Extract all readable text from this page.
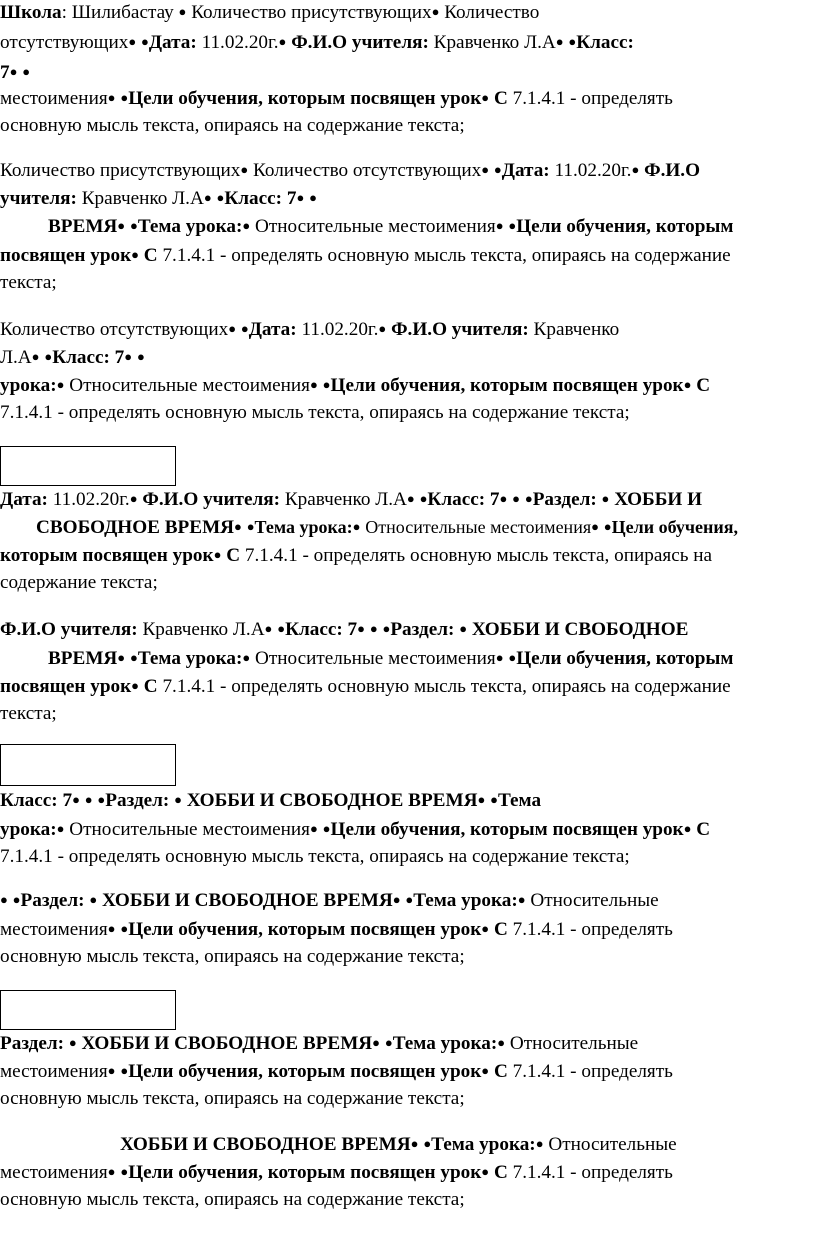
Школа: Шилибастау ● Количество присутствующих● Количество
отсутствующих● ●Дата: 11.02.20г.● Ф.И.О учителя: Кравченко Л.А● ●Класс:
7● ●
местоимения● ●Цели обучения, которым посвящен урок● С 7.1.4.1 - определять
основную мысль текста, опираясь на содержание текста;
Количество присутствующих● Количество отсутствующих● ●Дата: 11.02.20г.● Ф.И.О
учителя: Кравченко Л.А● ●Класс: 7● ●
ВРЕМЯ● ●Тема урока:● Относительные местоимения● ●Цели обучения, которым
посвящен урок● С 7.1.4.1 - определять основную мысль текста, опираясь на содержание
текста;
Количество отсутствующих● ●Дата: 11.02.20г.● Ф.И.О учителя: Кравченко
Л.А● ●Класс: 7● ●
урока:● Относительные местоимения● ●Цели обучения, которым посвящен урок● С
7.1.4.1 - определять основную мысль текста, опираясь на содержание текста;
Дата: 11.02.20г.● Ф.И.О учителя: Кравченко Л.А● ●Класс: 7● ● ●Раздел: ● ХОББИ И
СВОБОДНОЕ ВРЕМЯ● ●Тема урока:● Относительные местоимения● ●Цели обучения,
которым посвящен урок● С 7.1.4.1 - определять основную мысль текста, опираясь на
содержание текста;
Ф.И.О учителя: Кравченко Л.А● ●Класс: 7● ● ●Раздел: ● ХОББИ И СВОБОДНОЕ
ВРЕМЯ● ●Тема урока:● Относительные местоимения● ●Цели обучения, которым
посвящен урок● С 7.1.4.1 - определять основную мысль текста, опираясь на содержание
текста;
Класс: 7● ● ●Раздел: ● ХОББИ И СВОБОДНОЕ ВРЕМЯ● ●Тема
урока:● Относительные местоимения● ●Цели обучения, которым посвящен урок● С
7.1.4.1 - определять основную мысль текста, опираясь на содержание текста;
● ●Раздел: ● ХОББИ И СВОБОДНОЕ ВРЕМЯ● ●Тема урока:● Относительные
местоимения● ●Цели обучения, которым посвящен урок● С 7.1.4.1 - определять
основную мысль текста, опираясь на содержание текста;
Раздел: ● ХОББИ И СВОБОДНОЕ ВРЕМЯ● ●Тема урока:● Относительные
местоимения● ●Цели обучения, которым посвящен урок● С 7.1.4.1 - определять
основную мысль текста, опираясь на содержание текста;
ХОББИ И СВОБОДНОЕ ВРЕМЯ● ●Тема урока:● Относительные
местоимения● ●Цели обучения, которым посвящен урок● С 7.1.4.1 - определять
основную мысль текста, опираясь на содержание текста;
